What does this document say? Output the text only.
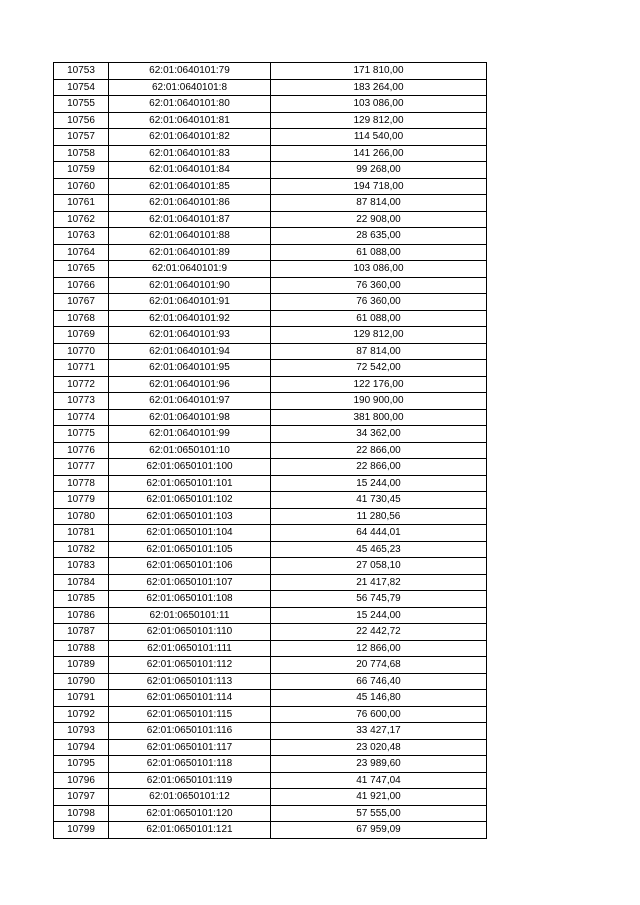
10753	62:01:0640101:79	171 810,00
10754	62:01:0640101:8	183 264,00
10755	62:01:0640101:80	103 086,00
10756	62:01:0640101:81	129 812,00
10757	62:01:0640101:82	114 540,00
10758	62:01:0640101:83	141 266,00
10759	62:01:0640101:84	99 268,00
10760	62:01:0640101:85	194 718,00
10761	62:01:0640101:86	87 814,00
10762	62:01:0640101:87	22 908,00
10763	62:01:0640101:88	28 635,00
10764	62:01:0640101:89	61 088,00
10765	62:01:0640101:9	103 086,00
10766	62:01:0640101:90	76 360,00
10767	62:01:0640101:91	76 360,00
10768	62:01:0640101:92	61 088,00
10769	62:01:0640101:93	129 812,00
10770	62:01:0640101:94	87 814,00
10771	62:01:0640101:95	72 542,00
10772	62:01:0640101:96	122 176,00
10773	62:01:0640101:97	190 900,00
10774	62:01:0640101:98	381 800,00
10775	62:01:0640101:99	34 362,00
10776	62:01:0650101:10	22 866,00
10777	62:01:0650101:100	22 866,00
10778	62:01:0650101:101	15 244,00
10779	62:01:0650101:102	41 730,45
10780	62:01:0650101:103	11 280,56
10781	62:01:0650101:104	64 444,01
10782	62:01:0650101:105	45 465,23
10783	62:01:0650101:106	27 058,10
10784	62:01:0650101:107	21 417,82
10785	62:01:0650101:108	56 745,79
10786	62:01:0650101:11	15 244,00
10787	62:01:0650101:110	22 442,72
10788	62:01:0650101:111	12 866,00
10789	62:01:0650101:112	20 774,68
10790	62:01:0650101:113	66 746,40
10791	62:01:0650101:114	45 146,80
10792	62:01:0650101:115	76 600,00
10793	62:01:0650101:116	33 427,17
10794	62:01:0650101:117	23 020,48
10795	62:01:0650101:118	23 989,60
10796	62:01:0650101:119	41 747,04
10797	62:01:0650101:12	41 921,00
10798	62:01:0650101:120	57 555,00
10799	62:01:0650101:121	67 959,09
